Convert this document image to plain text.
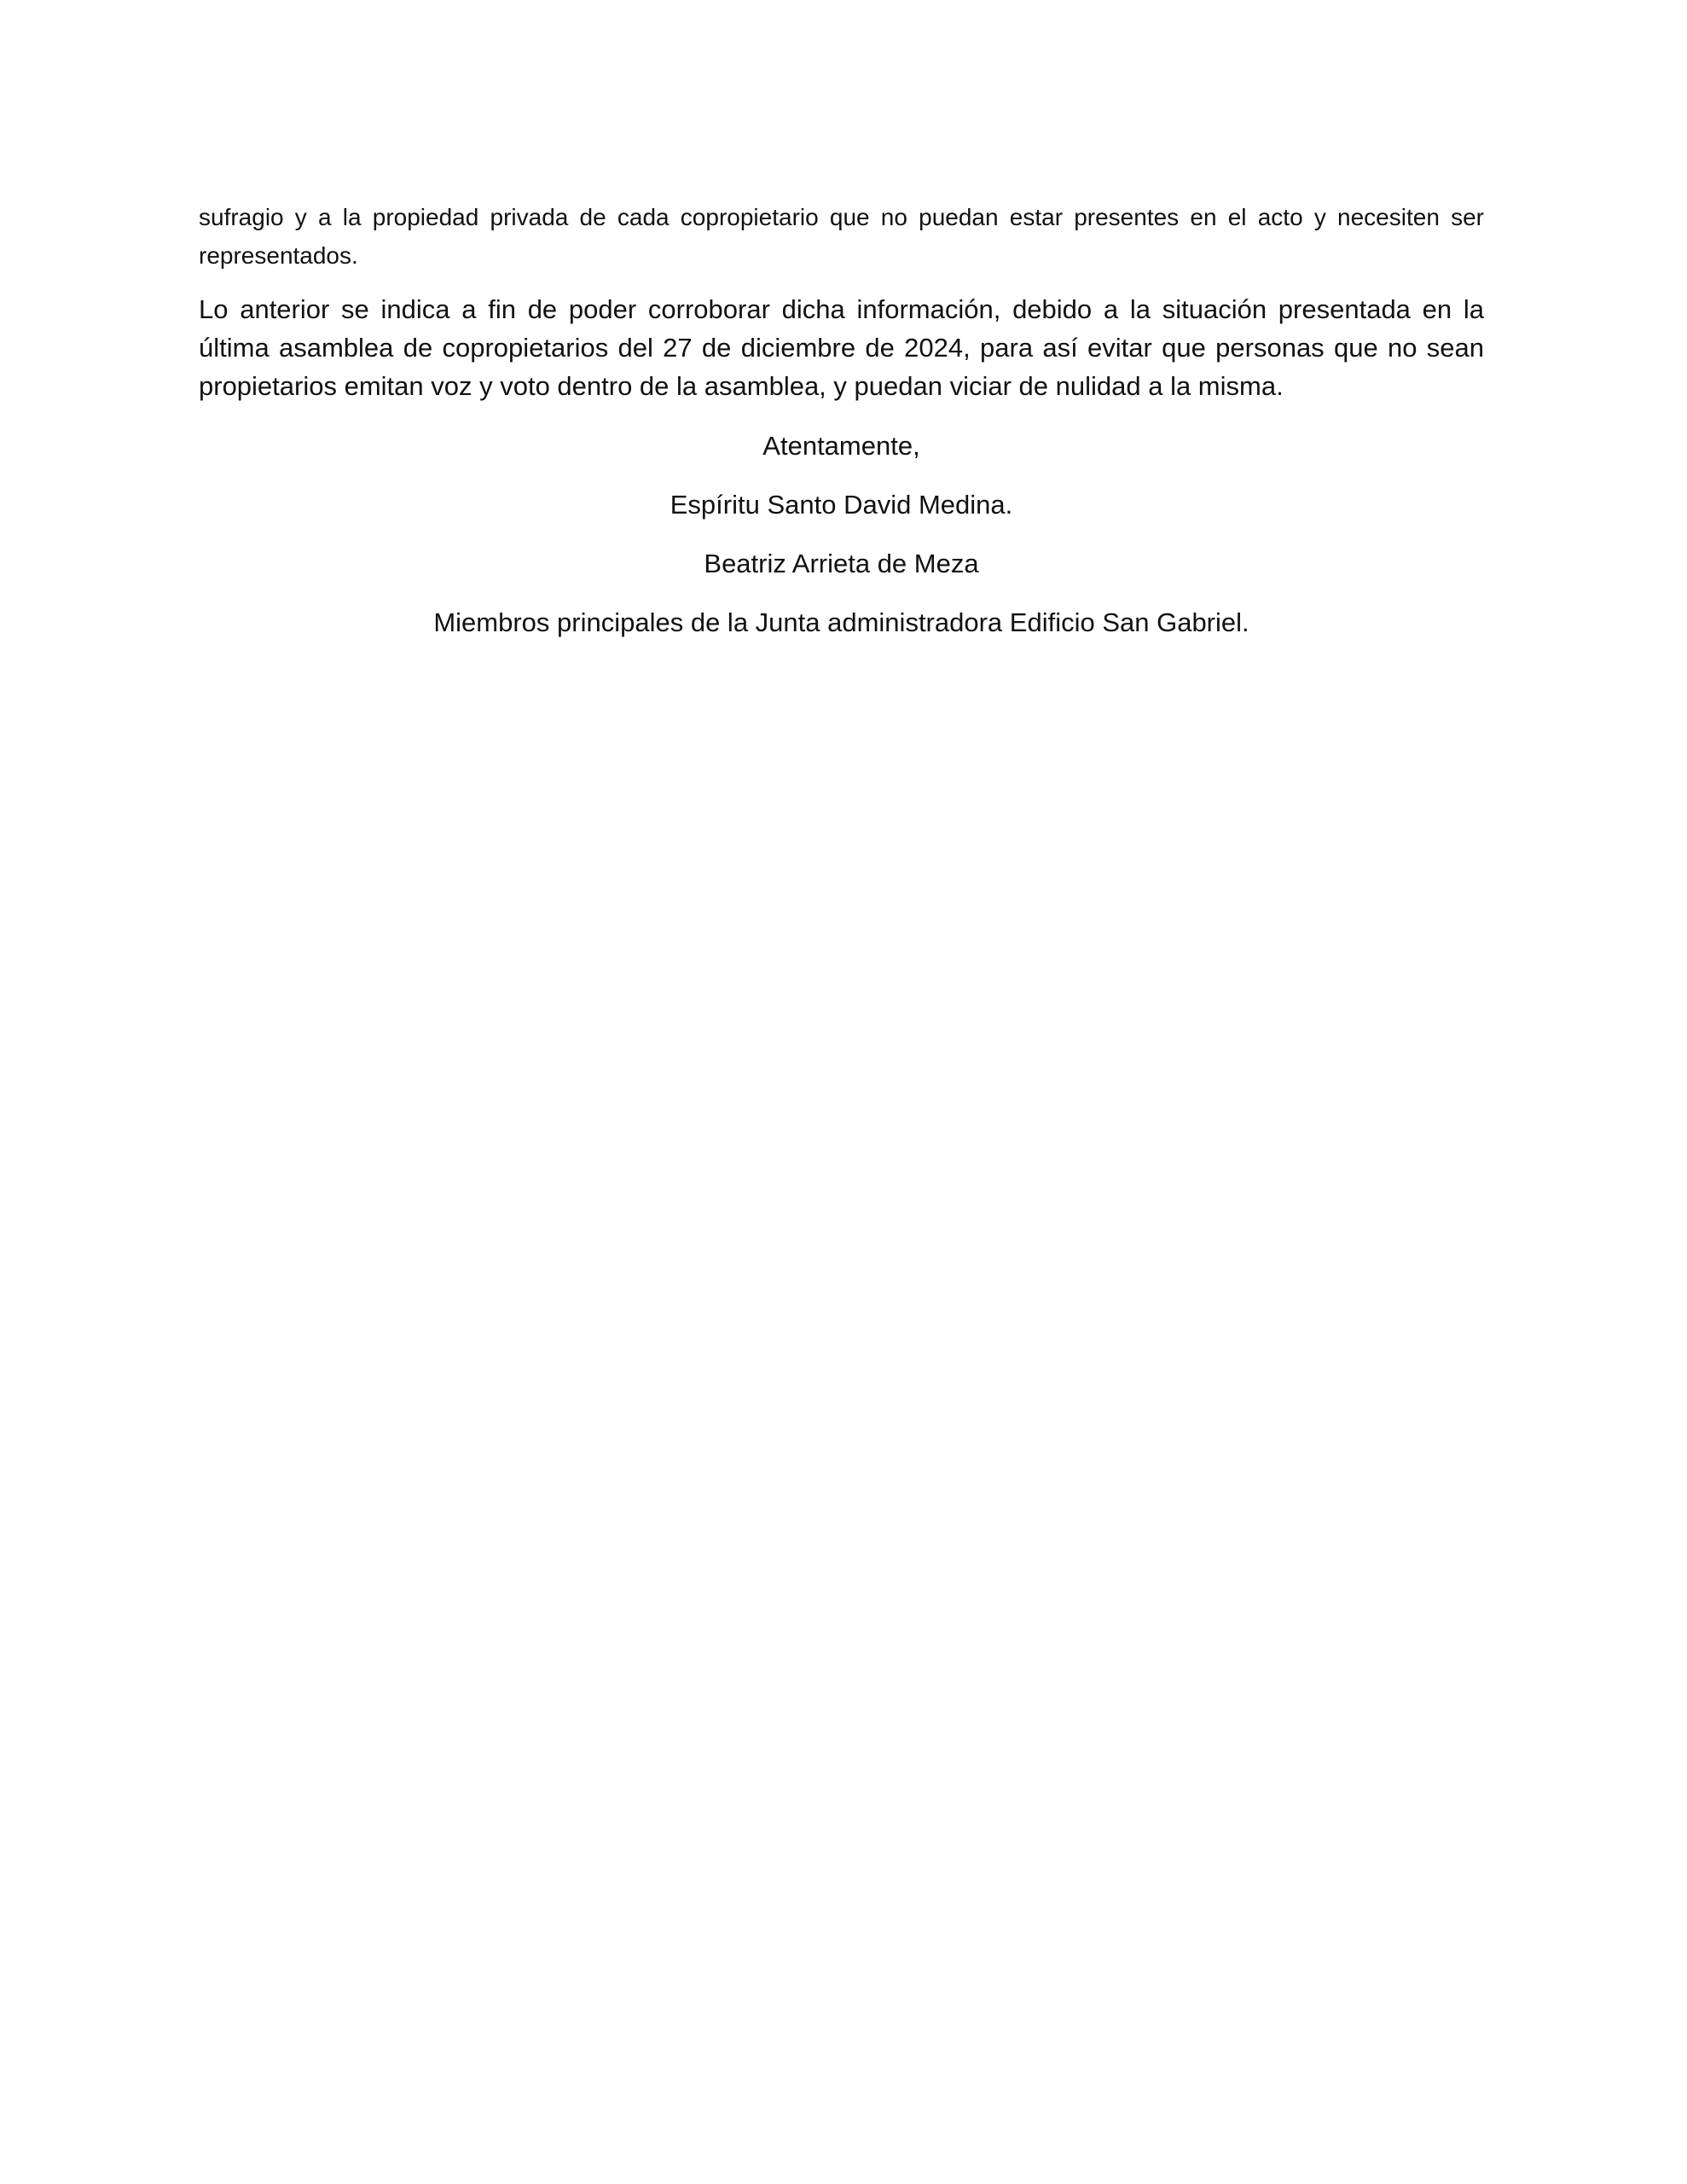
sufragio y a la propiedad privada de cada copropietario que no puedan estar presentes en el acto y necesiten ser representados.

Lo anterior se indica a fin de poder corroborar dicha información, debido a la situación presentada en la última asamblea de copropietarios del 27 de diciembre de 2024, para así evitar que personas que no sean propietarios emitan voz y voto dentro de la asamblea, y puedan viciar de nulidad a la misma.

Atentamente,

Espíritu Santo David Medina.

Beatriz Arrieta de Meza

Miembros principales de la Junta administradora Edificio San Gabriel.
